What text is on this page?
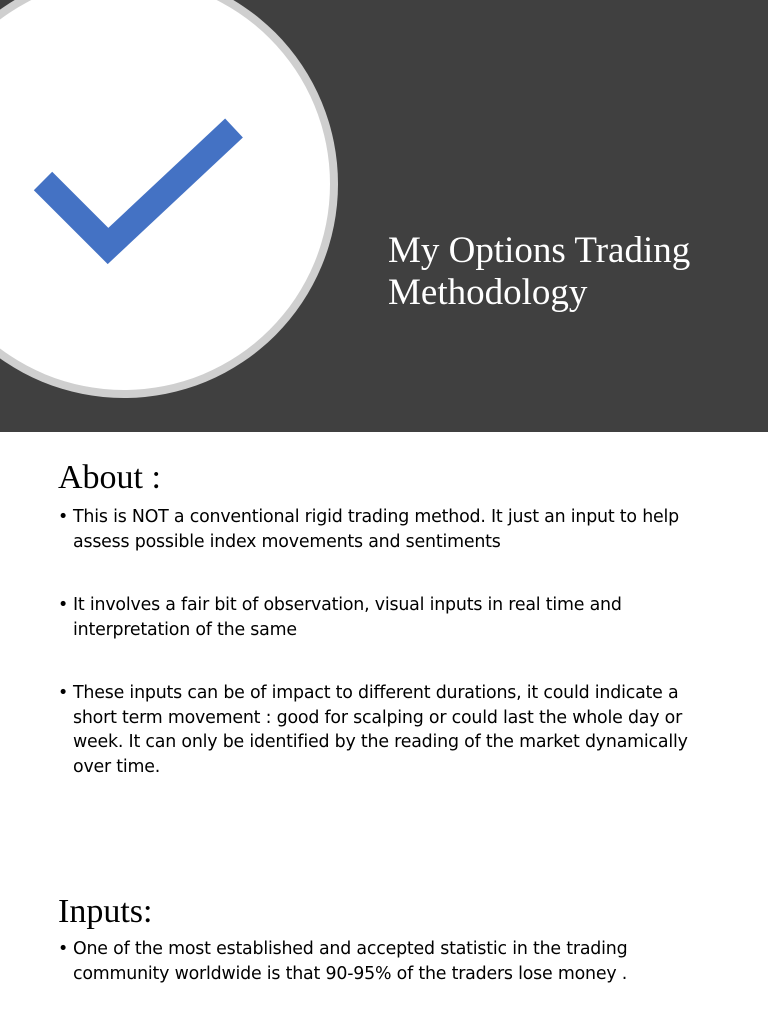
My Options Trading Methodology
About :
• This is NOT a conventional rigid trading method. It just an input to help assess possible index movements and sentiments
• It involves a fair bit of observation, visual inputs in real time and interpretation of the same
• These inputs can be of impact to different durations, it could indicate a short term movement : good for scalping or could last the whole day or week. It can only be identified by the reading of the market dynamically over time.
Inputs:
• One of the most established and accepted statistic in the trading community worldwide is that 90-95% of the traders lose money .
